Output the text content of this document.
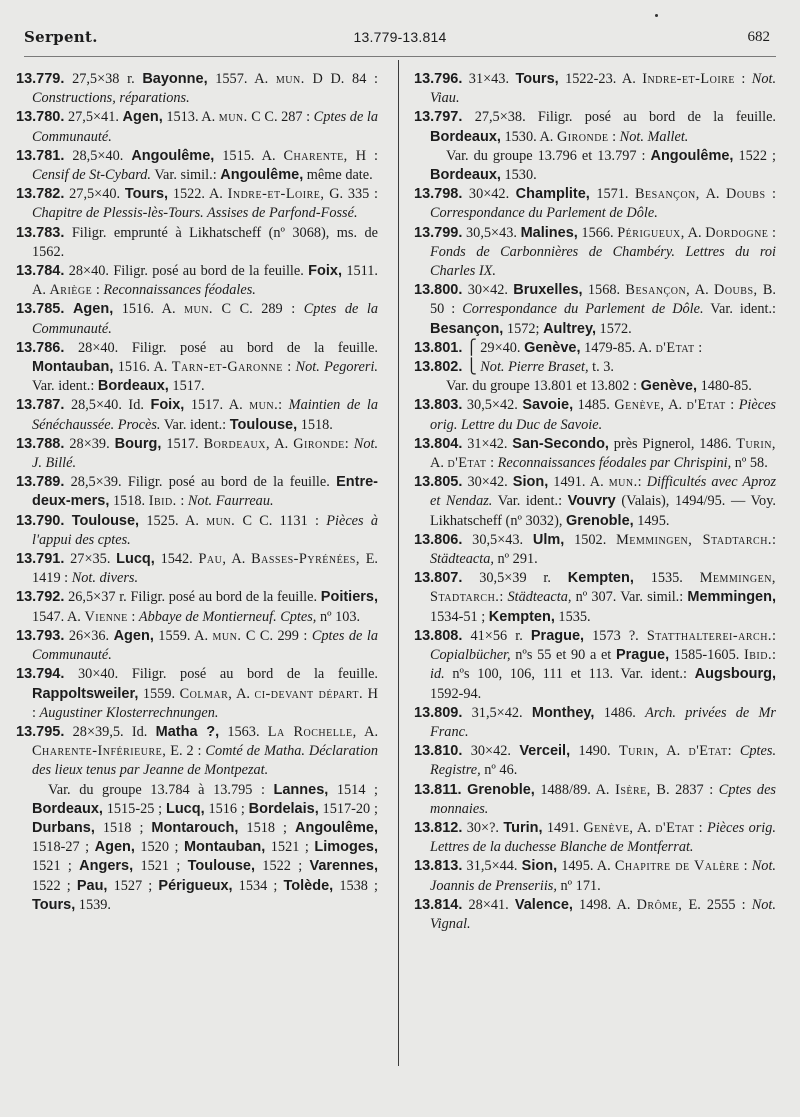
Serpent.	13.779-13.814	682

13.779. 27,5×38 r. Bayonne, 1557. A. mun. D D. 84 : Constructions, réparations.

13.780. 27,5×41. Agen, 1513. A. mun. C C. 287 : Cptes de la Communauté.

13.781. 28,5×40. Angoulême, 1515. A. Charente, H : Censif de St-Cybard. Var. simil.: Angoulême, même date.

13.782. 27,5×40. Tours, 1522. A. Indre-et-Loire, G. 335 : Chapitre de Plessis-lès-Tours. Assises de Parfond-Fossé.

13.783. Filigr. emprunté à Likhatscheff (nº 3068), ms. de 1562.

13.784. 28×40. Filigr. posé au bord de la feuille. Foix, 1511. A. Ariège : Reconnaissances féodales.

13.785. Agen, 1516. A. mun. C C. 289 : Cptes de la Communauté.

13.786. 28×40. Filigr. posé au bord de la feuille. Montauban, 1516. A. Tarn-et-Garonne : Not. Pegoreri. Var. ident.: Bordeaux, 1517.

13.787. 28,5×40. Id. Foix, 1517. A. mun.: Maintien de la Sénéchaussée. Procès. Var. ident.: Toulouse, 1518.

13.788. 28×39. Bourg, 1517. Bordeaux, A. Gironde: Not. J. Billé.

13.789. 28,5×39. Filigr. posé au bord de la feuille. Entre-deux-mers, 1518. Ibid. : Not. Faurreau.

13.790. Toulouse, 1525. A. mun. C C. 1131 : Pièces à l'appui des cptes.

13.791. 27×35. Lucq, 1542. Pau, A. Basses-Pyrénées, E. 1419 : Not. divers.

13.792. 26,5×37 r. Filigr. posé au bord de la feuille. Poitiers, 1547. A. Vienne : Abbaye de Montierneuf. Cptes, nº 103.

13.793. 26×36. Agen, 1559. A. mun. C C. 299 : Cptes de la Communauté.

13.794. 30×40. Filigr. posé au bord de la feuille. Rappoltsweiler, 1559. Colmar, A. ci-devant départ. H : Augustiner Klosterrechnungen.

13.795. 28×39,5. Id. Matha ?, 1563. La Rochelle, A. Charente-Inférieure, E. 2 : Comté de Matha. Déclaration des lieux tenus par Jeanne de Montpezat.

Var. du groupe 13.784 à 13.795 : Lannes, 1514 ; Bordeaux, 1515-25 ; Lucq, 1516 ; Bordelais, 1517-20 ; Durbans, 1518 ; Montarouch, 1518 ; Angoulême, 1518-27 ; Agen, 1520 ; Montauban, 1521 ; Limoges, 1521 ; Angers, 1521 ; Toulouse, 1522 ; Varennes, 1522 ; Pau, 1527 ; Périgueux, 1534 ; Tolède, 1538 ; Tours, 1539.

13.796. 31×43. Tours, 1522-23. A. Indre-et-Loire : Not. Viau.

13.797. 27,5×38. Filigr. posé au bord de la feuille. Bordeaux, 1530. A. Gironde : Not. Mallet.

Var. du groupe 13.796 et 13.797 : Angoulême, 1522 ; Bordeaux, 1530.

13.798. 30×42. Champlite, 1571. Besançon, A. Doubs : Correspondance du Parlement de Dôle.

13.799. 30,5×43. Malines, 1566. Périgueux, A. Dordogne : Fonds de Carbonnières de Chambéry. Lettres du roi Charles IX.

13.800. 30×42. Bruxelles, 1568. Besançon, A. Doubs, B. 50 : Correspondance du Parlement de Dôle. Var. ident.: Besançon, 1572; Aultrey, 1572.

13.801. ⎧ 29×40. Genève, 1479-85. A. d'Etat :

13.802. ⎩ Not. Pierre Braset, t. 3.

Var. du groupe 13.801 et 13.802 : Genève, 1480-85.

13.803. 30,5×42. Savoie, 1485. Genève, A. d'Etat : Pièces orig. Lettre du Duc de Savoie.

13.804. 31×42. San-Secondo, près Pignerol, 1486. Turin, A. d'Etat : Reconnaissances féodales par Chrispini, nº 58.

13.805. 30×42. Sion, 1491. A. mun.: Difficultés avec Aproz et Nendaz. Var. ident.: Vouvry (Valais), 1494/95. — Voy. Likhatscheff (nº 3032), Grenoble, 1495.

13.806. 30,5×43. Ulm, 1502. Memmingen, Stadtarch.: Städteacta, nº 291.

13.807. 30,5×39 r. Kempten, 1535. Memmingen, Stadtarch.: Städteacta, nº 307. Var. simil.: Memmingen, 1534-51 ; Kempten, 1535.

13.808. 41×56 r. Prague, 1573 ?. Statthalterei-arch.: Copialbücher, nºs 55 et 90 a et Prague, 1585-1605. Ibid.: id. nºs 100, 106, 111 et 113. Var. ident.: Augsbourg, 1592-94.

13.809. 31,5×42. Monthey, 1486. Arch. privées de Mr Franc.

13.810. 30×42. Verceil, 1490. Turin, A. d'Etat: Cptes. Registre, nº 46.

13.811. Grenoble, 1488/89. A. Isère, B. 2837 : Cptes des monnaies.

13.812. 30×?. Turin, 1491. Genève, A. d'Etat : Pièces orig. Lettres de la duchesse Blanche de Montferrat.

13.813. 31,5×44. Sion, 1495. A. Chapitre de Valère : Not. Joannis de Prenseriis, nº 171.

13.814. 28×41. Valence, 1498. A. Drôme, E. 2555 : Not. Vignal.
